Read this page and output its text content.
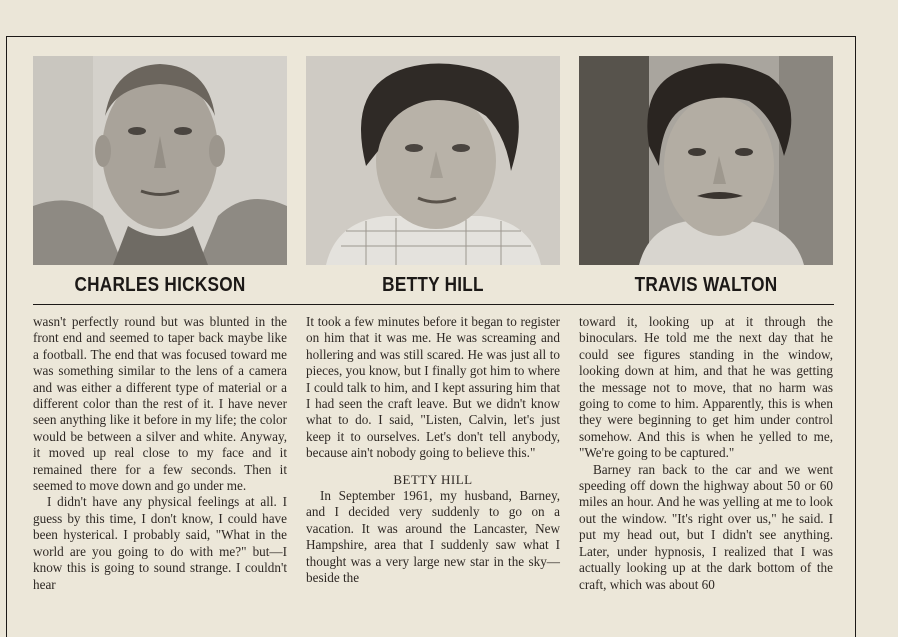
CHARLES HICKSON	BETTY HILL	TRAVIS WALTON

wasn't perfectly round but was blunted in the front end and seemed to taper back maybe like a football. The end that was focused toward me was something similar to the lens of a camera and was either a different type of material or a different color than the rest of it. I have never seen anything like it before in my life; the color would be between a silver and white. Anyway, it moved up real close to my face and it remained there for a few seconds. Then it seemed to move down and go under me.

I didn't have any physical feelings at all. I guess by this time, I don't know, I could have been hysterical. I probably said, "What in the world are you going to do with me?" but—I know this is going to sound strange. I couldn't hear

It took a few minutes before it began to register on him that it was me. He was screaming and hollering and was still scared. He was just all to pieces, you know, but I finally got him to where I could talk to him, and I kept assuring him that I had seen the craft leave. But we didn't know what to do. I said, "Listen, Calvin, let's just keep it to ourselves. Let's don't tell anybody, because ain't nobody going to believe this."

BETTY HILL

In September 1961, my husband, Barney, and I decided very suddenly to go on a vacation. It was around the Lancaster, New Hampshire, area that I suddenly saw what I thought was a very large new star in the sky—beside the

toward it, looking up at it through the binoculars. He told me the next day that he could see figures standing in the window, looking down at him, and that he was getting the message not to move, that no harm was going to come to him. Apparently, this is when they were beginning to get him under control somehow. And this is when he yelled to me, "We're going to be captured."

Barney ran back to the car and we went speeding off down the highway about 50 or 60 miles an hour. And he was yelling at me to look out the window. "It's right over us," he said. I put my head out, but I didn't see anything. Later, under hypnosis, I realized that I was actually looking up at the dark bottom of the craft, which was about 60
